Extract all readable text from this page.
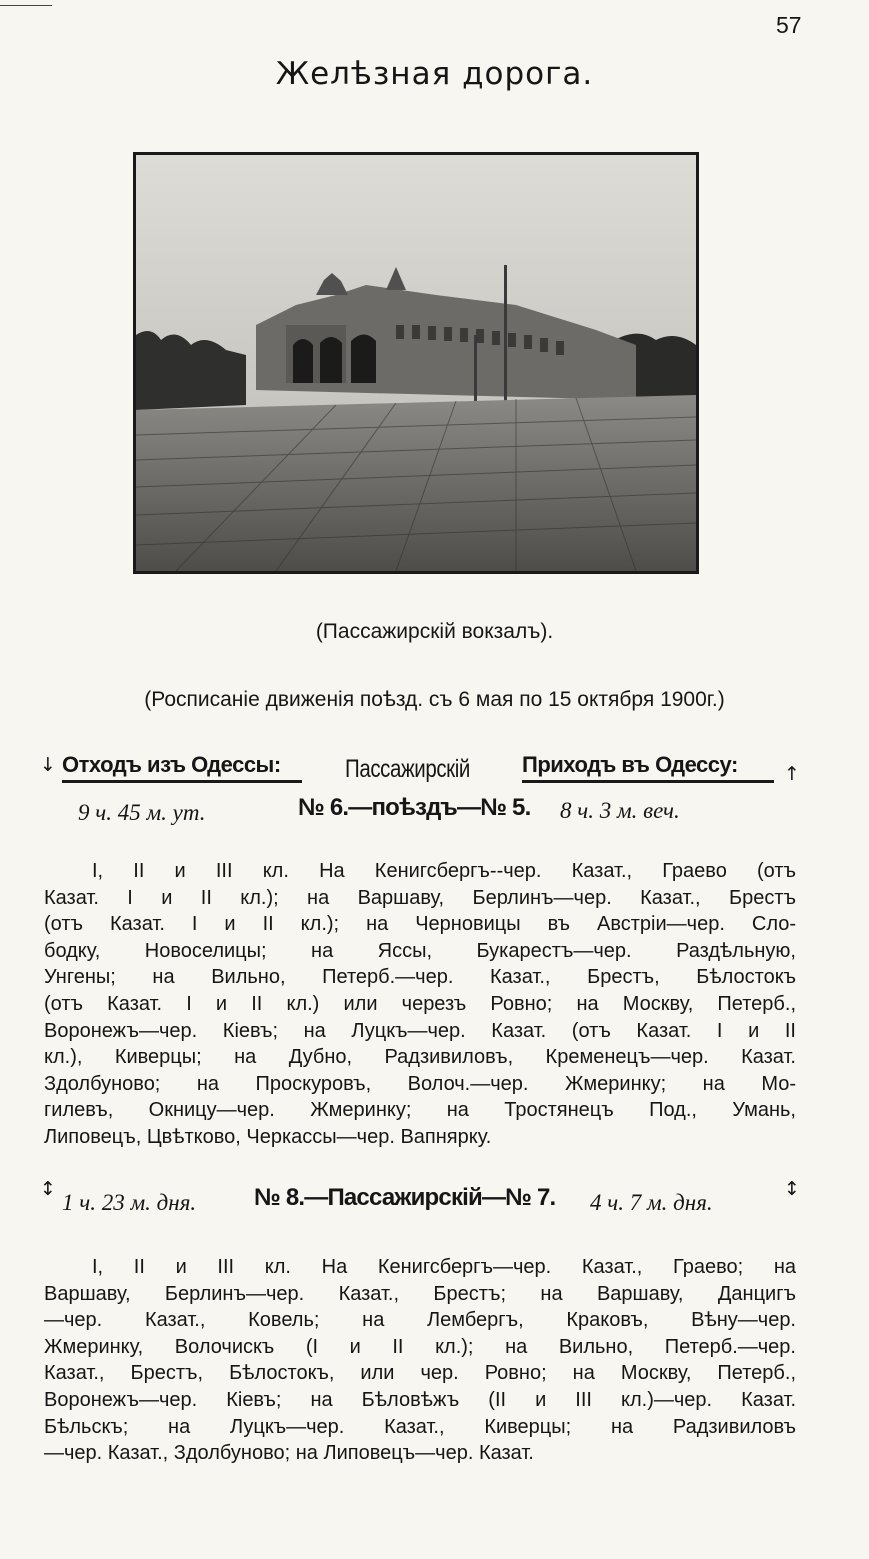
57
Желѣзная дорога.
(Пассажирскій вокзалъ).
(Росписаніе движенія поѣзд. съ 6 мая по 15 октября 1900г.)
↓ Отходъ изъ Одессы:	Пассажирскій Приходъ въ Одессу:	↑
9 ч. 45 м. ут.	№ 6.—поѣздъ—№ 5. 8 ч. 3 м. веч.
I, II и III кл. На Кенигсбергъ--чер. Казат., Граево (отъ
Казат. I и II кл.); на Варшаву, Берлинъ—чер. Казат., Брестъ
(отъ Казат. I и II кл.); на Черновицы въ Австріи—чер. Сло-
бодку, Новоселицы; на Яссы, Букарестъ—чер. Раздѣльную,
Унгены; на Вильно, Петерб.—чер. Казат., Брестъ, Бѣлостокъ
(отъ Казат. I и II кл.) или черезъ Ровно; на Москву, Петерб.,
Воронежъ—чер. Кіевъ; на Луцкъ—чер. Казат. (отъ Казат. I и II
кл.), Киверцы; на Дубно, Радзивиловъ, Кременецъ—чер. Казат.
Здолбуново; на Проскуровъ, Волоч.—чер. Жмеринку; на Мо-
гилевъ, Окницу—чер. Жмеринку; на Тростянецъ Под., Умань,
Липовецъ, Цвѣтково, Черкассы—чер. Вапнярку.
↕
1 ч. 23 м. дня. № 8.—Пассажирскій—№ 7. 4 ч. 7 м. дня.
↕
I, II и III кл. На Кенигсбергъ—чер. Казат., Граево; на
Варшаву, Берлинъ—чер. Казат., Брестъ; на Варшаву, Данцигъ
—чер. Казат., Ковель; на Лембергъ, Краковъ, Вѣну—чер.
Жмеринку, Волочискъ (I и II кл.); на Вильно, Петерб.—чер.
Казат., Брестъ, Бѣлостокъ, или чер. Ровно; на Москву, Петерб.,
Воронежъ—чер. Кіевъ; на Бѣловѣжъ (II и III кл.)—чер. Казат.
Бѣльскъ; на Луцкъ—чер. Казат., Киверцы; на Радзивиловъ
—чер. Казат., Здолбуново; на Липовецъ—чер. Казат.
